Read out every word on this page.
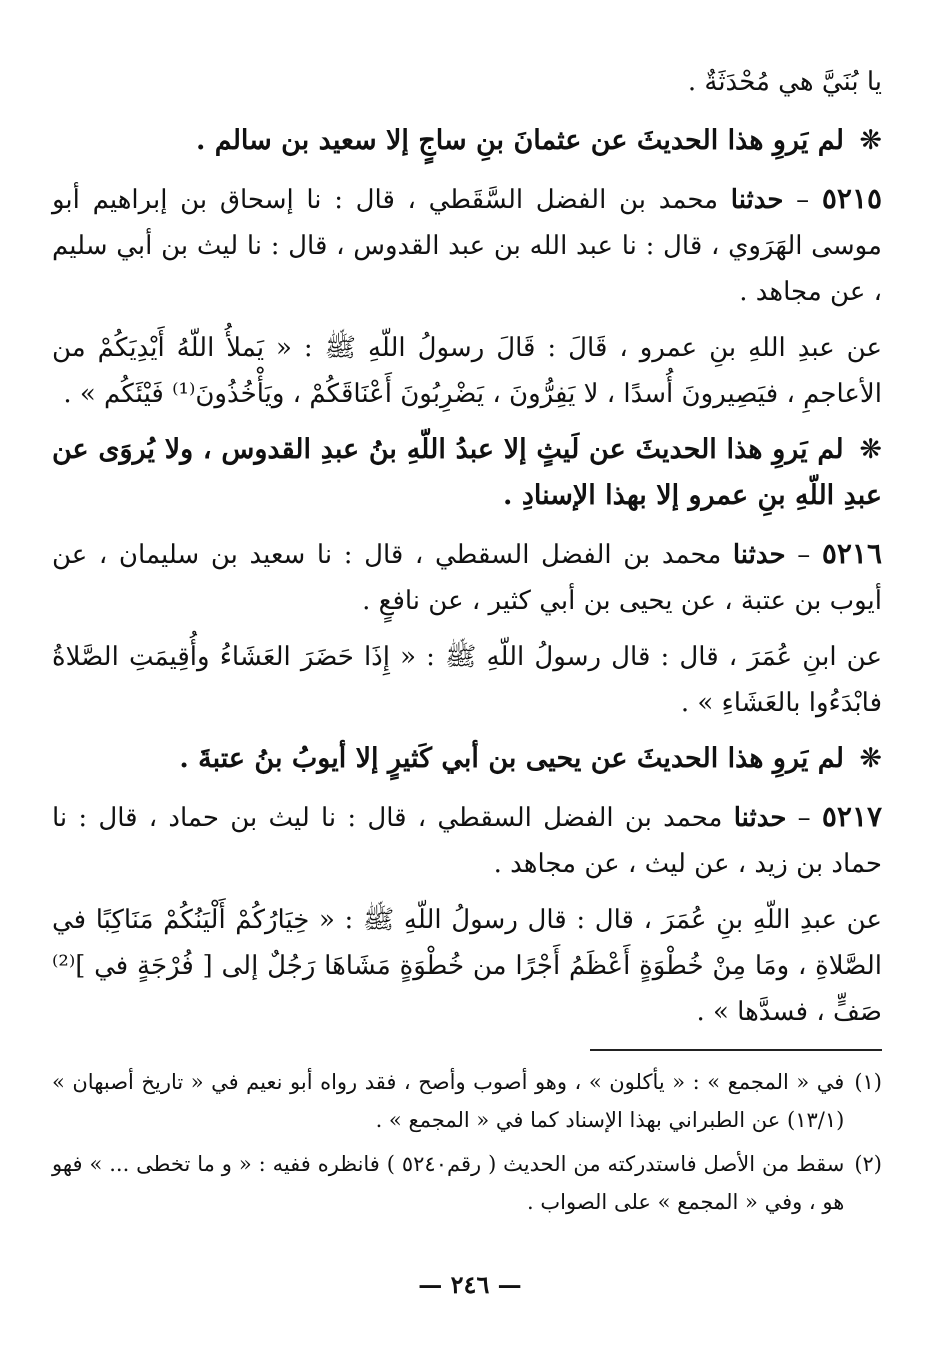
يا بُنَيَّ هي مُحْدَثَةٌ .

❋ لم يَروِ هذا الحديثَ عن عثمانَ بنِ ساجٍ إلا سعيد بن سالم .

٥٢١٥ – حدثنا محمد بن الفضل السَّقَطي ، قال : نا إسحاق بن إبراهيم أبو موسى الهَرَوي ، قال : نا عبد الله بن عبد القدوس ، قال : نا ليث بن أبي سليم ، عن مجاهد .

عن عبدِ اللهِ بنِ عمرو ، قَالَ : قَالَ رسولُ اللّهِ ﷺ : « يَملأُ اللّهُ أَيْدِيَكُمْ من الأعاجمِ ، فيَصِيرونَ أُسدًا ، لا يَفِرُّونَ ، يَضْرِبُونَ أَعْنَاقَكُمْ ، ويَأْخُذُونَ⁽¹⁾ فَيْئَكُم » .

❋ لم يَروِ هذا الحديثَ عن لَيثٍ إلا عبدُ اللّهِ بنُ عبدِ القدوس ، ولا يُروَى عن عبدِ اللّهِ بنِ عمرو إلا بهذا الإسنادِ .

٥٢١٦ – حدثنا محمد بن الفضل السقطي ، قال : نا سعيد بن سليمان ، عن أيوب بن عتبة ، عن يحيى بن أبي كثير ، عن نافعٍ .

عن ابنِ عُمَرَ ، قال : قال رسولُ اللّهِ ﷺ : « إِذَا حَضَرَ العَشَاءُ وأُقِيمَتِ الصَّلاةُ فابْدَءُوا بالعَشَاءِ » .

❋ لم يَروِ هذا الحديثَ عن يحيى بن أبي كَثيرٍ إلا أيوبُ بنُ عتبةَ .

٥٢١٧ – حدثنا محمد بن الفضل السقطي ، قال : نا ليث بن حماد ، قال : نا حماد بن زيد ، عن ليث ، عن مجاهد .

عن عبدِ اللّهِ بنِ عُمَرَ ، قال : قال رسولُ اللّهِ ﷺ : « خِيَارُكُمْ أَلْيَنُكُمْ مَنَاكِبًا في الصَّلاةِ ، ومَا مِنْ خُطْوَةٍ أَعْظَمُ أَجْرًا من خُطْوَةٍ مَشَاهَا رَجُلٌ إلى [ فُرْجَةٍ في ]⁽²⁾ صَفٍّ ، فسدَّها » .

(١)
في « المجمع » : « يأكلون » ، وهو أصوب وأصح ، فقد رواه أبو نعيم في « تاريخ أصبهان » (١٣/١) عن الطبراني بهذا الإسناد كما في « المجمع » .
(٢)
سقط من الأصل فاستدركته من الحديث ( رقم٥٢٤٠ ) فانظره ففيه : « و ما تخطى ... » فهو هو ، وفي « المجمع » على الصواب .
— ٢٤٦ —
